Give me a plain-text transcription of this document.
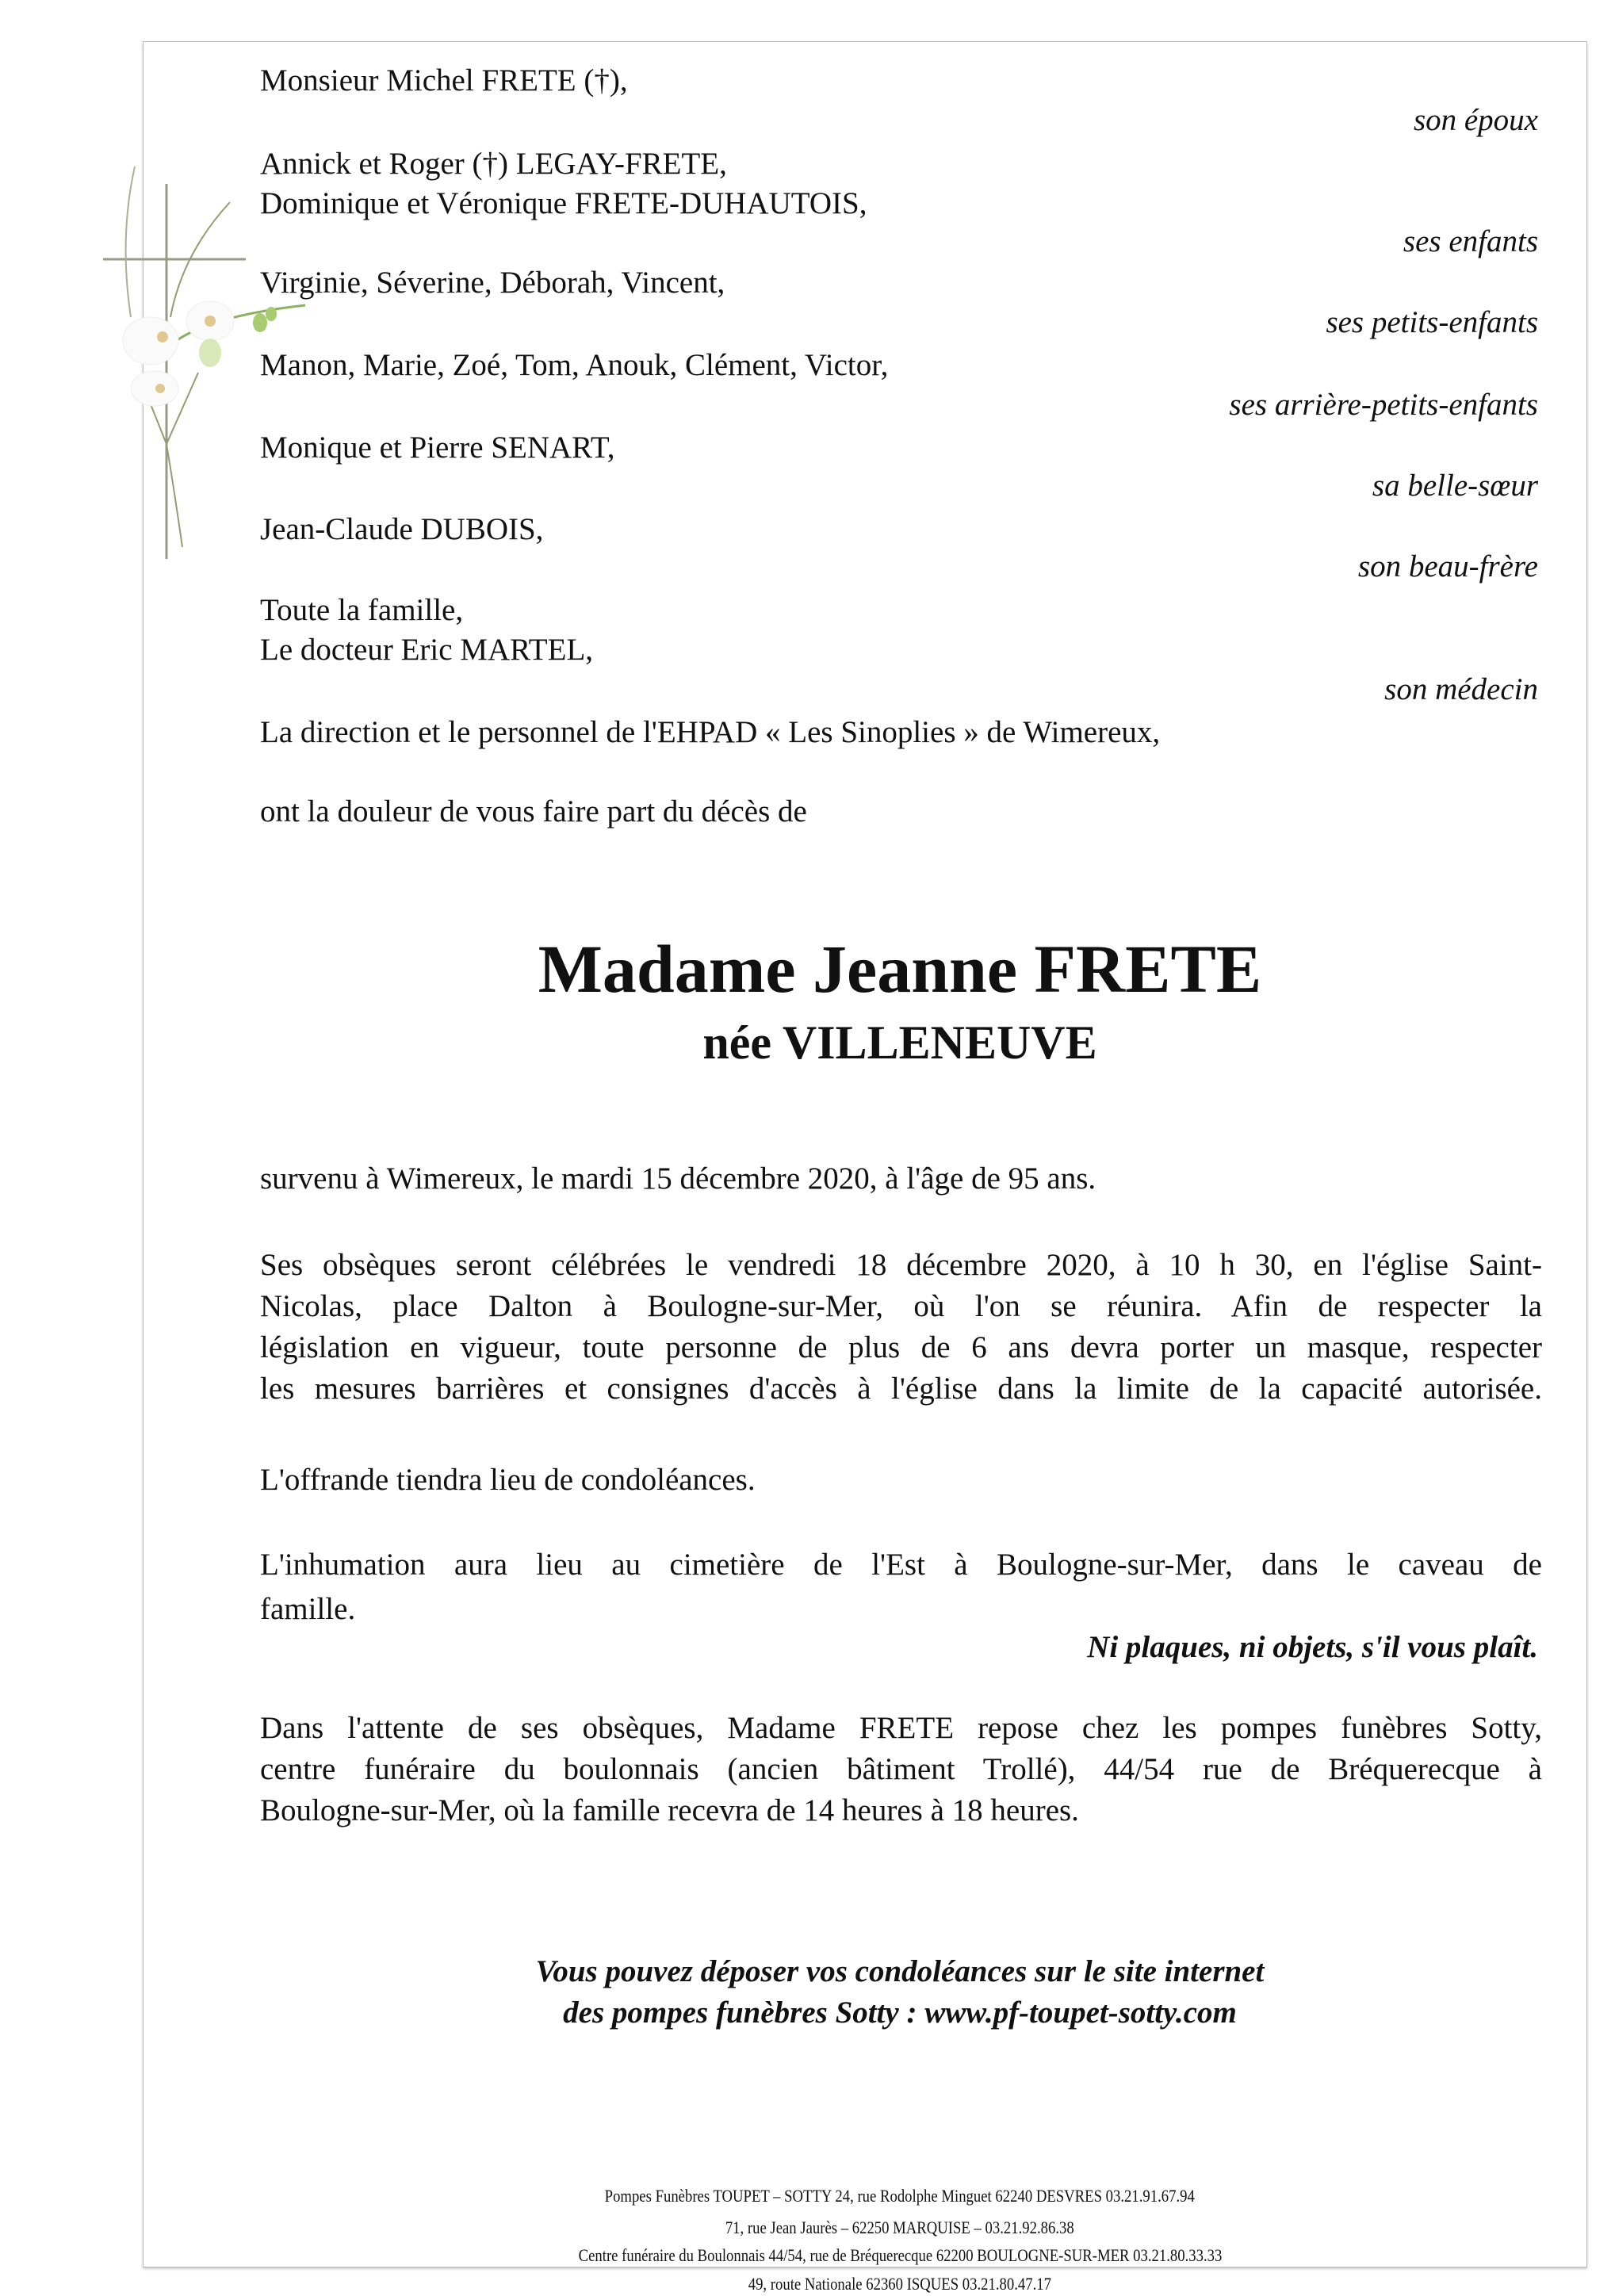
Monsieur Michel FRETE (†),
son époux
Annick et Roger (†) LEGAY-FRETE,
Dominique et Véronique FRETE-DUHAUTOIS,
ses enfants
Virginie, Séverine, Déborah, Vincent,
ses petits-enfants
Manon, Marie, Zoé, Tom, Anouk, Clément, Victor,
ses arrière-petits-enfants
Monique et Pierre SENART,
sa belle-sœur
Jean-Claude DUBOIS,
son beau-frère
Toute la famille,
Le docteur Eric MARTEL,
son médecin
La direction et le personnel de l'EHPAD « Les Sinoplies » de Wimereux,
ont la douleur de vous faire part du décès de
Madame Jeanne FRETE
née VILLENEUVE
survenu à Wimereux, le mardi 15 décembre 2020, à l'âge de 95 ans.
Ses obsèques seront célébrées le vendredi 18 décembre 2020, à 10 h 30, en l'église Saint-
Nicolas, place Dalton à Boulogne-sur-Mer, où l'on se réunira. Afin de respecter la
législation en vigueur, toute personne de plus de 6 ans devra porter un masque, respecter
les mesures barrières et consignes d'accès à l'église dans la limite de la capacité autorisée.
L'offrande tiendra lieu de condoléances.
L'inhumation aura lieu au cimetière de l'Est à Boulogne-sur-Mer, dans le caveau de
famille.
Ni plaques, ni objets, s'il vous plaît.
Dans l'attente de ses obsèques, Madame FRETE repose chez les pompes funèbres Sotty,
centre funéraire du boulonnais (ancien bâtiment Trollé), 44/54 rue de Bréquerecque à
Boulogne-sur-Mer, où la famille recevra de 14 heures à 18 heures.
Vous pouvez déposer vos condoléances sur le site internet
des pompes funèbres Sotty : www.pf-toupet-sotty.com
Pompes Funèbres TOUPET – SOTTY 24, rue Rodolphe Minguet 62240 DESVRES 03.21.91.67.94
71, rue Jean Jaurès – 62250 MARQUISE – 03.21.92.86.38
Centre funéraire du Boulonnais 44/54, rue de Bréquerecque 62200 BOULOGNE-SUR-MER 03.21.80.33.33
49, route Nationale 62360 ISQUES 03.21.80.47.17
